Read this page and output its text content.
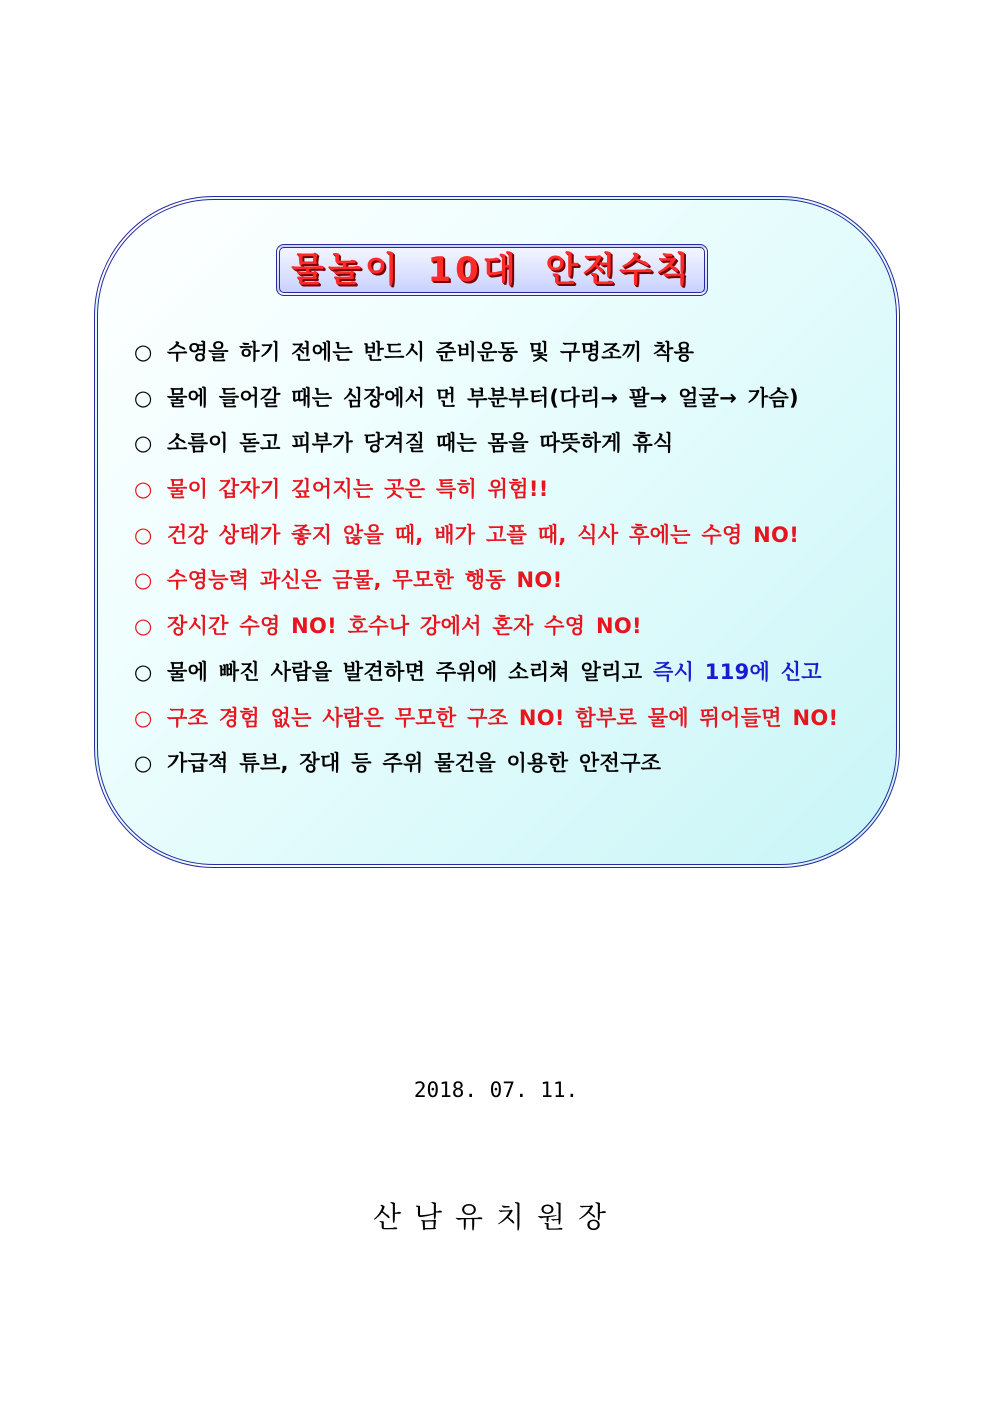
물놀이 10대 안전수칙
○ 수영을 하기 전에는 반드시 준비운동 및 구명조끼 착용
○ 물에 들어갈 때는 심장에서 먼 부분부터(다리→ 팔→ 얼굴→ 가슴)
○ 소름이 돋고 피부가 당겨질 때는 몸을 따뜻하게 휴식
○ 물이 갑자기 깊어지는 곳은 특히 위험!!
○ 건강 상태가 좋지 않을 때, 배가 고플 때, 식사 후에는 수영 NO!
○ 수영능력 과신은 금물, 무모한 행동 NO!
○ 장시간 수영 NO! 호수나 강에서 혼자 수영 NO!
○ 물에 빠진 사람을 발견하면 주위에 소리쳐 알리고 즉시 119에 신고
○ 구조 경험 없는 사람은 무모한 구조 NO! 함부로 물에 뛰어들면 NO!
○ 가급적 튜브, 장대 등 주위 물건을 이용한 안전구조
2018. 07. 11.
산남유치원장
